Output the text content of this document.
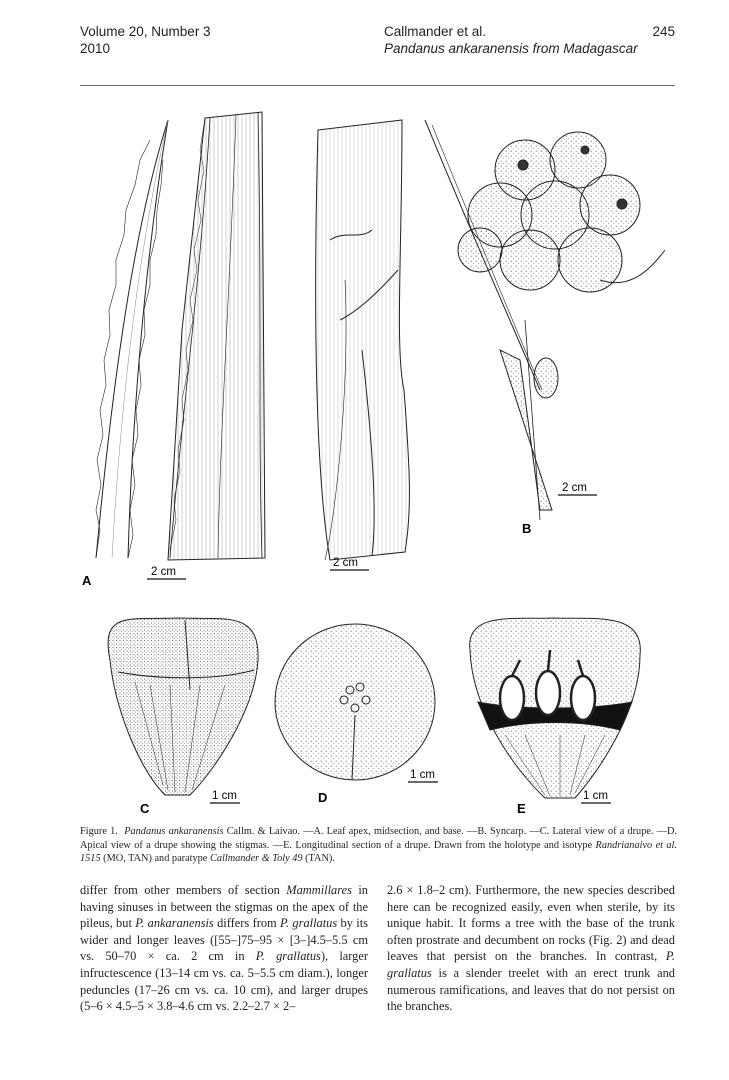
Volume 20, Number 3
2010
Callmander et al.
Pandanus ankaranensis from Madagascar
245
2 cm
2 cm
A
2 cm
B
1 cm
C
1 cm
D	1 cm
E
Figure 1. Pandanus ankaranensis Callm. & Laivao. —A. Leaf apex, midsection, and base. —B. Syncarp. —C. Lateral view of a drupe. —D. Apical view of a drupe showing the stigmas. —E. Longitudinal section of a drupe. Drawn from the holotype and isotype Randrianaivo et al. 1515 (MO, TAN) and paratype Callmander & Toly 49 (TAN).
differ from other members of section Mammillares in having sinuses in between the stigmas on the apex of the pileus, but P. ankaranensis differs from P. grallatus by its wider and longer leaves ([55–]75–95 × [3–]4.5–5.5 cm vs. 50–70 × ca. 2 cm in P. grallatus), larger infructescence (13–14 cm vs. ca. 5–5.5 cm diam.), longer peduncles (17–26 cm vs. ca. 10 cm), and larger drupes (5–6 × 4.5–5 × 3.8–4.6 cm vs. 2.2–2.7 × 2–
2.6 × 1.8–2 cm). Furthermore, the new species described here can be recognized easily, even when sterile, by its unique habit. It forms a tree with the base of the trunk often prostrate and decumbent on rocks (Fig. 2) and dead leaves that persist on the branches. In contrast, P. grallatus is a slender treelet with an erect trunk and numerous ramifications, and leaves that do not persist on the branches.
